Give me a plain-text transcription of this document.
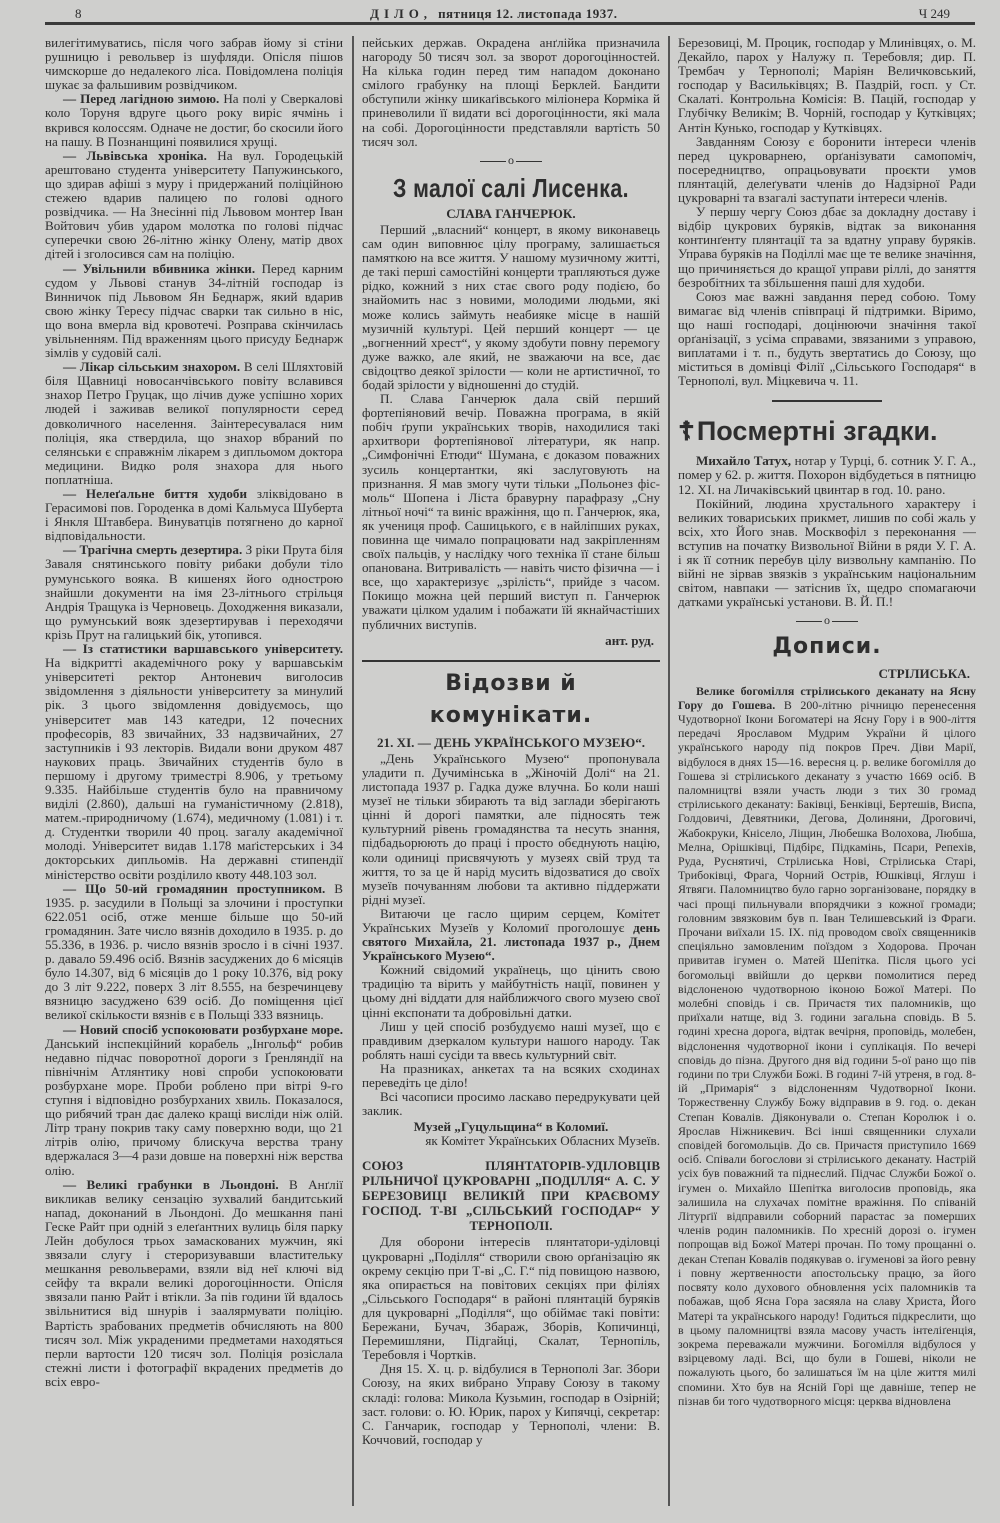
8	ДІЛО, пятниця 12. листопада 1937.	Ч 249

вилегітимуватись, після чого забрав йому зі стіни рушницю і револьвер із шуфляди. Опісля пішов чимскорше до недалекого ліса. Повідомлена поліція шукає за фальшивим розвідчиком.

— Перед лагідною зимою. На полі у Сверкалові коло Торуня вдруге цього року виріс ячмінь і вкрився колоссям. Одначе не достиг, бо скосили його на пашу. В Познанщині появилися хрущі.

— Львівська хроніка. На вул. Городецькій арештовано студента університету Папужинського, що здирав афіші з муру і придержаний поліційною стежею вдарив палицею по голові одного розвідчика. — На Знесінні під Львовом монтер Іван Войтович убив ударом молотка по голові підчас суперечки свою 26-літню жінку Олену, матір двох дітей і зголосився сам на поліцію.

— Увільнили вбивника жінки. Перед карним судом у Львові станув 34-літній господар із Винничок під Львовом Ян Беднарж, який вдарив свою жінку Тересу підчас сварки так сильно в ніс, що вона вмерла від кровотечі. Розправа скінчилась увільненням. Під враженням цього присуду Беднарж зімлів у судовій салі.

— Лікар сільським знахором. В селі Шляхтовій біля Щавниці новосанчівського повіту вславився знахор Петро Груцак, що лічив дуже успішно хорих людей і заживав великої популярности серед довколичного населення. Заінтересувалася ним поліція, яка ствердила, що знахор вбраний по селянськи є справжнім лікарем з дипльомом доктора медицини. Видко роля знахора для нього поплатніша.

— Нелеґальне биття худоби зліквідовано в Герасимові пов. Городенка в домі Кальмуса Шуберта і Янкля Штавбера. Винуватців потягнено до карної відповідальности.

— Трагічна смерть дезертира. З ріки Прута біля Заваля снятинського повіту рибаки добули тіло румунського вояка. В кишенях його однострою знайшли документи на імя 23-літнього стрільця Андрія Тращука із Черновець. Доходження виказали, що румунський вояк здезертирував і переходячи крізь Прут на галицький бік, утопився.

— Із статистики варшавського університету. На відкритті академічного року у варшавськім університеті ректор Антоневич виголосив звідомлення з діяльности університету за минулий рік. З цього звідомлення довідуємось, що університет мав 143 катедри, 12 почесних професорів, 83 звичайних, 33 надзвичайних, 27 заступників і 93 лекторів. Видали вони друком 487 наукових праць. Звичайних студентів було в першому і другому триместрі 8.906, у третьому 9.335. Найбільше студентів було на правничому виділі (2.860), дальші на гуманістичному (2.818), матем.-природничому (1.674), медичному (1.081) і т. д. Студентки творили 40 проц. загалу академічної молоді. Університет видав 1.178 маґістерських і 34 докторських дипльомів. На державні стипендії міністерство освіти розділило квоту 448.103 зол.

— Що 50-ий громадянин проступником. В 1935. р. засудили в Польщі за злочини і проступки 622.051 осіб, отже менше більше що 50-ий громадянин. Зате число вязнів доходило в 1935. р. до 55.336, в 1936. р. число вязнів зросло і в січні 1937. р. давало 59.496 осіб. Вязнів засуджених до 6 місяців було 14.307, від 6 місяців до 1 року 10.376, від року до 3 літ 9.222, поверх 3 літ 8.555, на безречинцеву вязницю засуджено 639 осіб. До поміщення цієї великої скількости вязнів є в Польщі 333 вязниць.

— Новий спосіб успокоювати розбурхане море. Данський інспекційний корабель „Інгольф“ робив недавно підчас поворотної дороги з Ґренляндії на північнім Атлянтику нові спроби успокоювати розбурхане море. Проби роблено при вітрі 9-го ступня і відповідно розбурханих хвиль. Показалося, що рибячий тран дає далеко кращі висліди ніж олій. Літр трану покрив таку саму поверхню води, що 21 літрів олію, причому блискуча верства трану вдержалася 3—4 рази довше на поверхні ніж верства олію.

— Великі грабунки в Льондоні. В Анґлії викликав велику сензацію зухвалий бандитський напад, доконаний в Льондоні. До мешкання пані Геске Райт при одній з елеґантних вулиць біля парку Лейн добулося трьох замаскованих мужчин, які звязали слугу і стероризувавши властительку мешкання револьверами, взяли від неї ключі від сейфу та вкрали великі дорогоцінности. Опісля звязали паню Райт і втікли. За пів години їй вдалось звільнитися від шнурів і заалярмувати поліцію. Вартість зрабованих предметів обчисляють на 800 тисяч зол. Між украденими предметами находяться перли вартости 120 тисяч зол. Поліція розіслала стежні листи і фотографії вкрадених предметів до всіх евро-

пейських держав. Окрадена анґлійка призначила нагороду 50 тисяч зол. за зворот дорогоцінностей. На кілька годин перед тим нападом доконано смілого грабунку на площі Берклей. Бандити обступили жінку шикаґівського міліонера Корміка й приневолили її видати всі дорогоцінности, які мала на собі. Дорогоцінности представляли вартість 50 тисяч зол.

o
З малої салі Лисенка.
СЛАВА ГАНЧЕРЮК.

Перший „власний“ концерт, в якому виконавець сам один виповнює цілу програму, залишається памяткою на все життя. У нашому музичному житті, де такі перші самостійні концерти трапляються дуже рідко, кожний з них стає свого роду подією, бо знайомить нас з новими, молодими людьми, які може колись займуть неабияке місце в нашій музичній культурі. Цей перший концерт — це „вогненний хрест“, у якому здобути повну перемогу дуже важко, але який, не зважаючи на все, дає свідоцтво деякої зрілости — коли не артистичної, то бодай зрілости у відношенні до студій.

П. Слава Ганчерюк дала свій перший фортепіяновий вечір. Поважна програма, в якій побіч ґрупи українських творів, находилися такі архитвори фортепіянової літератури, як напр. „Симфонічні Етюди“ Шумана, є доказом поважних зусиль концертантки, які заслуговують на признання. Я мав змогу чути тільки „Польонез фіс-моль“ Шопена і Ліста бравурну парафразу „Сну літньої ночі“ та виніс вражіння, що п. Ганчерюк, яка, як учениця проф. Сашицького, є в найліпших руках, повинна ще чимало попрацювати над закріпленням своїх пальців, у наслідку чого техніка її стане більш опанована. Витривалість — навіть чисто фізична — і все, що характеризує „зрілість“, прийде з часом. Покищо можна цей перший виступ п. Ганчерюк уважати цілком удалим і побажати їй якнайчастіших публичних виступів.

ант. руд.
Відозви й комунікати.
21. XI. — ДЕНЬ УКРАЇНСЬКОГО МУЗЕЮ“.

„День Українського Музею“ пропонувала уладити п. Дучимінська в „Жіночій Долі“ на 21. листопада 1937 р. Гадка дуже влучна. Бо коли наші музеї не тільки збирають та від заглади зберігають цінні й дорогі памятки, але підносять теж культурний рівень громадянства та несуть знання, підбадьорюють до праці і просто обєднують націю, коли одиниці присвячують у музеях свій труд та життя, то за це й нарід мусить відозватися до своїх музеїв почуванням любови та активно піддержати рідні музеї.

Витаючи це гасло щирим серцем, Комітет Українських Музеїв у Коломиї проголошує день святого Михайла, 21. листопада 1937 р., Днем Українського Музею“.

Кожний свідомий українець, що цінить свою традицію та вірить у майбутність нації, повинен у цьому дні віддати для найближчого свого музею свої цінні експонати та добровільні датки.

Лиш у цей спосіб розбудуємо наші музеї, що є правдивим дзеркалом культури нашого народу. Так роблять наші сусіди та ввесь культурний світ.

На празниках, анкетах та на всяких сходинах переведіть це діло!

Всі часописи просимо ласкаво передрукувати цей заклик.

Музей „Гуцульщина“ в Коломиї.
як Комітет Українських Обласних Музеїв.
СОЮЗ ПЛЯНТАТОРІВ-УДІЛОВЦІВ РІЛЬНИЧОЇ ЦУКРОВАРНІ „ПОДІЛЛЯ“ А. С. У БЕРЕЗОВИЦІ ВЕЛИКІЙ ПРИ КРАЄВОМУ ГОСПОД. Т-ВІ „СІЛЬСЬКИЙ ГОСПОДАР“ У ТЕРНОПОЛІ.

Для оборони інтересів плянтатори-уділовці цукроварні „Поділля“ створили свою орґанізацію як окрему секцію при Т-ві „С. Г.“ під повищою назвою, яка опирається на повітових секціях при філіях „Сільського Господаря“ в районі плянтацій буряків для цукроварні „Поділля“, що обіймає такі повіти: Бережани, Бучач, Збараж, Зборів, Копичинці, Перемишляни, Підгайці, Скалат, Тернопіль, Теребовля і Чортків.

Дня 15. X. ц. р. відбулися в Тернополі Заг. Збори Союзу, на яких вибрано Управу Союзу в такому складі: голова: Микола Кузьмин, господар в Озірній; заст. голови: о. Ю. Юрик, парох у Кипячці, секретар: С. Ганчарик, господар у Тернополі, члени: В. Коччовий, господар у

Березовиці, М. Процик, господар у Млинівцях, о. М. Декайло, парох у Налужу п. Теребовля; дир. П. Трембач у Тернополі; Маріян Величковський, господар у Васильківцях; В. Паздрій, госп. у Ст. Скалаті. Контрольна Комісія: В. Пацій, господар у Глубічку Великім; В. Чорній, господар у Кутківцях; Антін Кунько, господар у Кутківцях.

Завданням Союзу є боронити інтереси членів перед цукроварнею, орґанізувати самопоміч, посередництво, опрацьовувати проєкти умов плянтацій, делеґувати членів до Надзірної Ради цукроварні та взагалі заступати інтереси членів.

У першу чергу Союз дбає за докладну доставу і відбір цукрових буряків, відтак за виконання континґенту плянтації та за вдатну управу буряків. Управа буряків на Поділлі має ще те велике значіння, що причиняється до кращої управи ріллі, до заняття безробітних та збільшення паші для худоби.

Союз має важні завдання перед собою. Тому вимагає від членів співпраці й підтримки. Віримо, що наші господарі, доцінюючи значіння такої орґанізації, з усіма справами, звязаними з управою, виплатами і т. п., будуть звертатись до Союзу, що міститься в домівці Філії „Сільського Господаря“ в Тернополі, вул. Міцкевича ч. 11.

☦Посмертні згадки.

Михайло Татух, нотар у Турці, б. сотник У. Г. А., помер у 62. р. життя. Похорон відбудеться в пятницю 12. XI. на Личаківський цвинтар в год. 10. рано.

Покійний, людина хрустального характеру і великих товариських прикмет, лишив по собі жаль у всіх, хто Його знав. Москвофіл з переконання — вступив на початку Визвольної Війни в ряди У. Г. А. і як її сотник перебув цілу визвольну кампанію. По війні не зірвав звязків з українським національним світом, навпаки — затіснив їх, щедро спомагаючи датками українські установи. В. Й. П.!

o
Дописи.
СТРІЛИСЬКА.

Велике богомілля стрілиського деканату на Ясну Гору до Гошева. В 200-літню річницю перенесення Чудотворної Ікони Богоматері на Ясну Гору і в 900-ліття передачі Ярославом Мудрим України й цілого українського народу під покров Преч. Діви Марії, відбулося в днях 15—16. вересня ц. р. велике богомілля до Гошева зі стрілиського деканату з участю 1669 осіб. В паломництві взяли участь люди з тих 30 громад стрілиського деканату: Баківці, Бенківці, Бертешів, Виспа, Голдовичі, Девятники, Дегова, Долиняни, Дроговичі, Жабокруки, Кнісело, Ліщин, Любешка Волохова, Любша, Мелна, Орішківці, Підбірє, Підкамінь, Псари, Репехів, Руда, Руснятичі, Стрілиська Нові, Стрілиська Старі, Трибоківці, Фрага, Чорний Острів, Юшківці, Яглуш і Ятвяги. Паломництво було гарно зорганізоване, порядку в часі прощі пильнували впорядчики з кожної громади; головним звязковим був п. Іван Телишевський із Фраги. Прочани виїхали 15. IX. під проводом своїх священників спеціяльно замовленим поїздом з Ходорова. Прочан привитав ігумен о. Матей Шепітка. Після цього усі богомольці ввійшли до церкви помолитися перед відслоненою чудотворною іконою Божої Матері. По молебні сповідь і св. Причастя тих паломників, що приїхали натще, від 3. години загальна сповідь. В 5. годині хресна дорога, відтак вечірня, проповідь, молебен, відслонення чудотворної ікони і суплікація. По вечері сповідь до пізна. Другого дня від години 5-ої рано що пів години по три Служби Божі. В годині 7-ій утреня, в год. 8-ій „Примарія“ з відслоненням Чудотворної Ікони. Торжественну Службу Божу відправив в 9. год. о. декан Степан Ковалів. Діяконували о. Степан Королюк і о. Ярослав Ніжникевич. Всі інші священники слухали сповідей богомольців. До св. Причастя приступило 1669 осіб. Співали богослови зі стрілиського деканату. Настрій усіх був поважний та піднеслий. Підчас Служби Божої о. ігумен о. Михайло Шепітка виголосив проповідь, яка залишила на слухачах помітне вражіння. По співаній Літурґії відправили соборний парастас за померших членів родин паломників. По хресній дорозі о. ігумен попрощав від Божої Матері прочан. По тому прощанні о. декан Степан Ковалів подякував о. ігуменові за його ревну і повну жертвенности апостольську працю, за його посвяту коло духового обновлення усіх паломників та побажав, щоб Ясна Гора засяяла на славу Христа, Його Матері та українського народу! Годиться підкреслити, що в цьому паломництві взяла масову участь інтеліґенція, зокрема переважали мужчини. Богомілля відбулося у взірцевому ладі. Всі, що були в Гошеві, ніколи не пожалують цього, бо залишаться їм на ціле життя милі спомини. Хто був на Ясній Горі ще давніше, тепер не пізнав би того чудотворного місця: церква відновлена
